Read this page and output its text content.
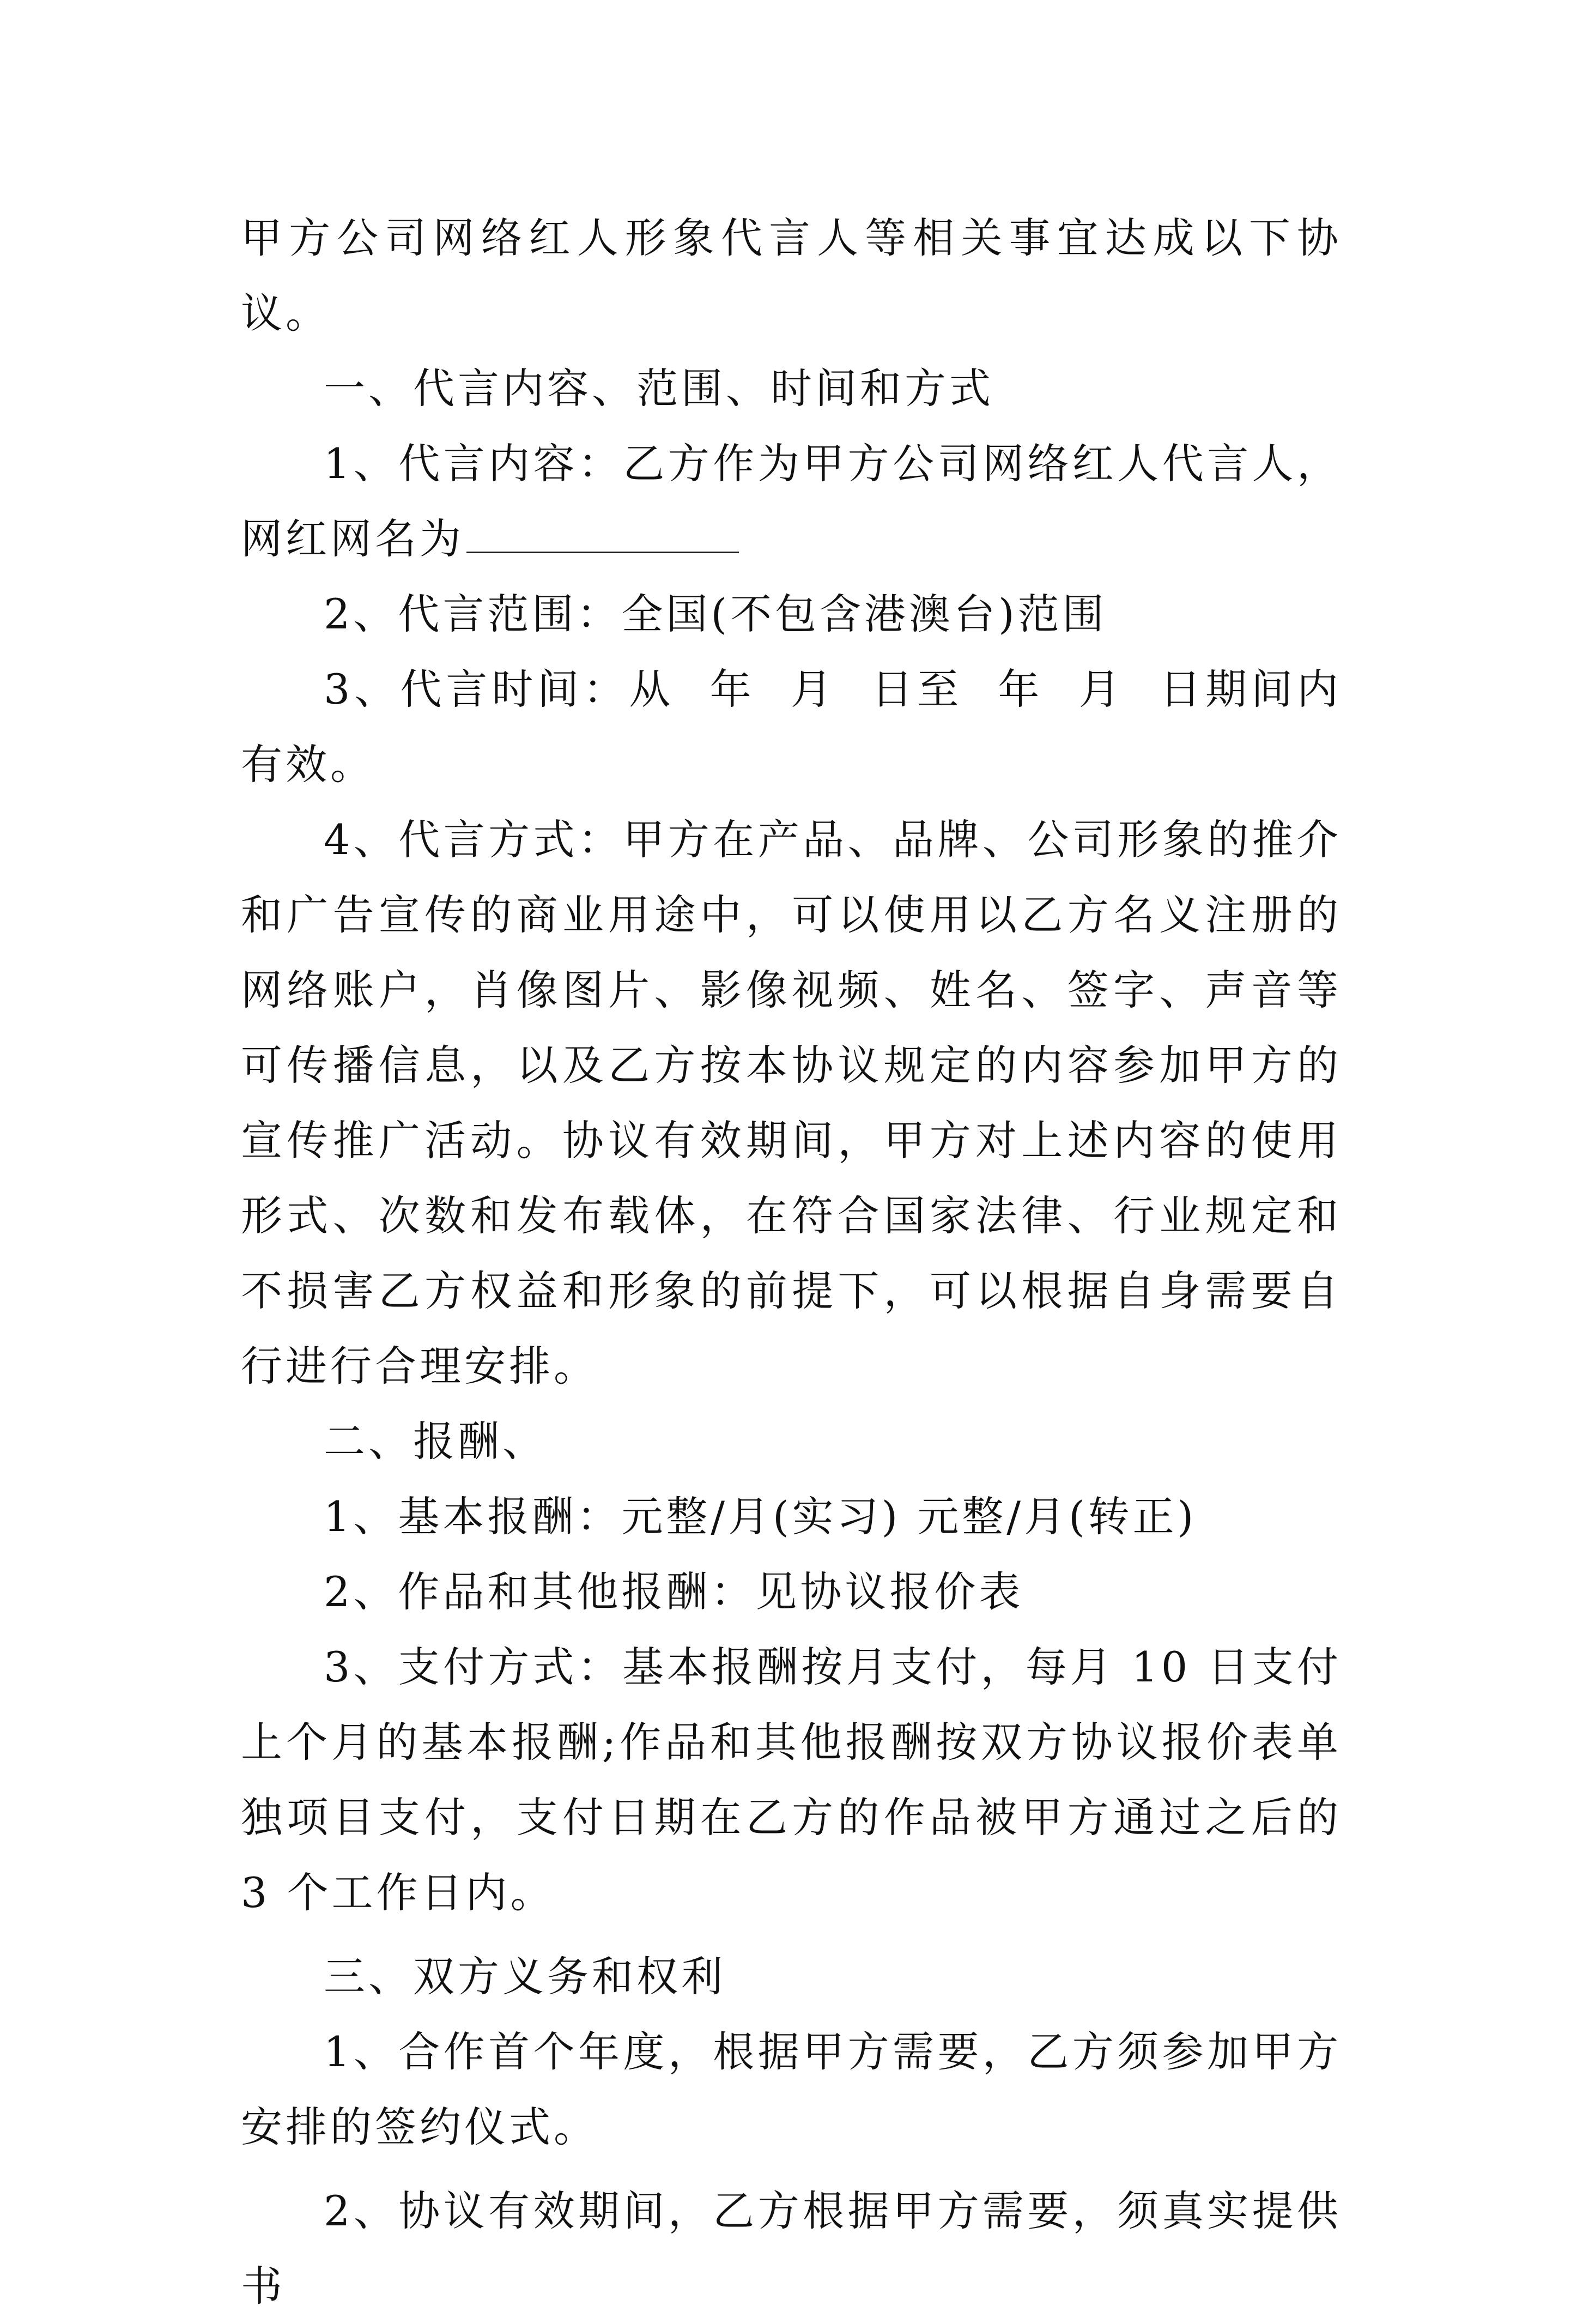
甲方公司网络红人形象代言人等相关事宜达成以下协议。

一、代言内容、范围、时间和方式

1、代言内容：乙方作为甲方公司网络红人代言人，网红网名为

2、代言范围：全国(不包含港澳台)范围

3、代言时间：从  年  月  日至  年  月  日期间内有效。

4、代言方式：甲方在产品、品牌、公司形象的推介和广告宣传的商业用途中，可以使用以乙方名义注册的网络账户，肖像图片、影像视频、姓名、签字、声音等可传播信息，以及乙方按本协议规定的内容参加甲方的宣传推广活动。协议有效期间，甲方对上述内容的使用形式、次数和发布载体，在符合国家法律、行业规定和不损害乙方权益和形象的前提下，可以根据自身需要自行进行合理安排。

二、报酬、

1、基本报酬：元整/月(实习) 元整/月(转正)

2、作品和其他报酬：见协议报价表

3、支付方式：基本报酬按月支付，每月 10 日支付上个月的基本报酬;作品和其他报酬按双方协议报价表单独项目支付，支付日期在乙方的作品被甲方通过之后的 3 个工作日内。

三、双方义务和权利

1、合作首个年度，根据甲方需要，乙方须参加甲方安排的签约仪式。

2、协议有效期间，乙方根据甲方需要，须真实提供书
